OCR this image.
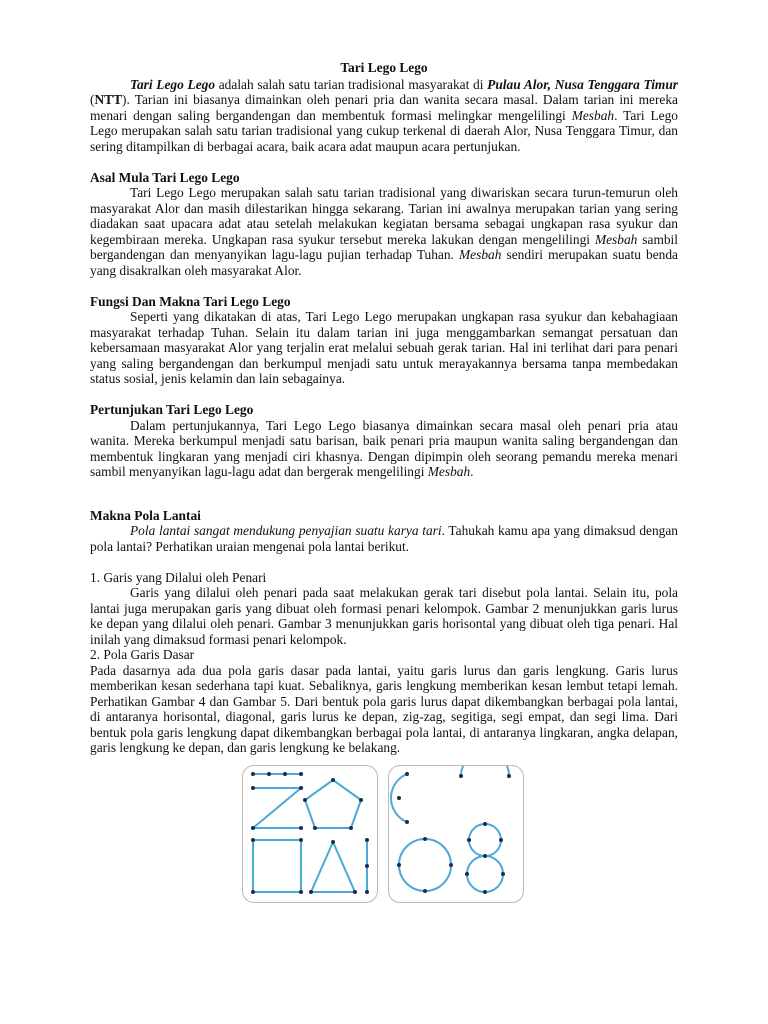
Tari Lego Lego

Tari Lego Lego adalah salah satu tarian tradisional masyarakat di Pulau Alor, Nusa Tenggara Timur (NTT). Tarian ini biasanya dimainkan oleh penari pria dan wanita secara masal. Dalam tarian ini mereka menari dengan saling bergandengan dan membentuk formasi melingkar mengelilingi Mesbah. Tari Lego Lego merupakan salah satu tarian tradisional yang cukup terkenal di daerah Alor, Nusa Tenggara Timur, dan sering ditampilkan di berbagai acara, baik acara adat maupun acara pertunjukan.

Asal Mula Tari Lego Lego

Tari Lego Lego merupakan salah satu tarian tradisional yang diwariskan secara turun-temurun oleh masyarakat Alor dan masih dilestarikan hingga sekarang. Tarian ini awalnya merupakan tarian yang sering diadakan saat upacara adat atau setelah melakukan kegiatan bersama sebagai ungkapan rasa syukur dan kegembiraan mereka. Ungkapan rasa syukur tersebut mereka lakukan dengan mengelilingi Mesbah sambil bergandengan dan menyanyikan lagu-lagu pujian terhadap Tuhan. Mesbah sendiri merupakan suatu benda yang disakralkan oleh masyarakat Alor.

Fungsi Dan Makna Tari Lego Lego

Seperti yang dikatakan di atas, Tari Lego Lego merupakan ungkapan rasa syukur dan kebahagiaan masyarakat terhadap Tuhan. Selain itu dalam tarian ini juga menggambarkan semangat persatuan dan kebersamaan masyarakat Alor yang terjalin erat melalui sebuah gerak tarian. Hal ini terlihat dari para penari yang saling bergandengan dan berkumpul menjadi satu untuk merayakannya bersama tanpa membedakan status sosial, jenis kelamin dan lain sebagainya.

Pertunjukan Tari Lego Lego

Dalam pertunjukannya, Tari Lego Lego biasanya dimainkan secara masal oleh penari pria atau wanita. Mereka berkumpul menjadi satu barisan, baik penari pria maupun wanita saling bergandengan dan membentuk lingkaran yang menjadi ciri khasnya. Dengan dipimpin oleh seorang pemandu mereka menari sambil menyanyikan lagu-lagu adat dan bergerak mengelilingi Mesbah.

Makna Pola Lantai

Pola lantai sangat mendukung penyajian suatu karya tari. Tahukah kamu apa yang dimaksud dengan pola lantai? Perhatikan uraian mengenai pola lantai berikut.

1. Garis yang Dilalui oleh Penari

Garis yang dilalui oleh penari pada saat melakukan gerak tari disebut pola lantai. Selain itu, pola lantai juga merupakan garis yang dibuat oleh formasi penari kelompok. Gambar 2 menunjukkan garis lurus ke depan yang dilalui oleh penari. Gambar 3 menunjukkan garis horisontal yang dibuat oleh tiga penari. Hal inilah yang dimaksud formasi penari kelompok.

2. Pola Garis Dasar

Pada dasarnya ada dua pola garis dasar pada lantai, yaitu garis lurus dan garis lengkung. Garis lurus memberikan kesan sederhana tapi kuat. Sebaliknya, garis lengkung memberikan kesan lembut tetapi lemah. Perhatikan Gambar 4 dan Gambar 5. Dari bentuk pola garis lurus dapat dikembangkan berbagai pola lantai, di antaranya horisontal, diagonal, garis lurus ke depan, zig-zag, segitiga, segi empat, dan segi lima. Dari bentuk pola garis lengkung dapat dikembangkan berbagai pola lantai, di antaranya lingkaran, angka delapan, garis lengkung ke depan, dan garis lengkung ke belakang.
